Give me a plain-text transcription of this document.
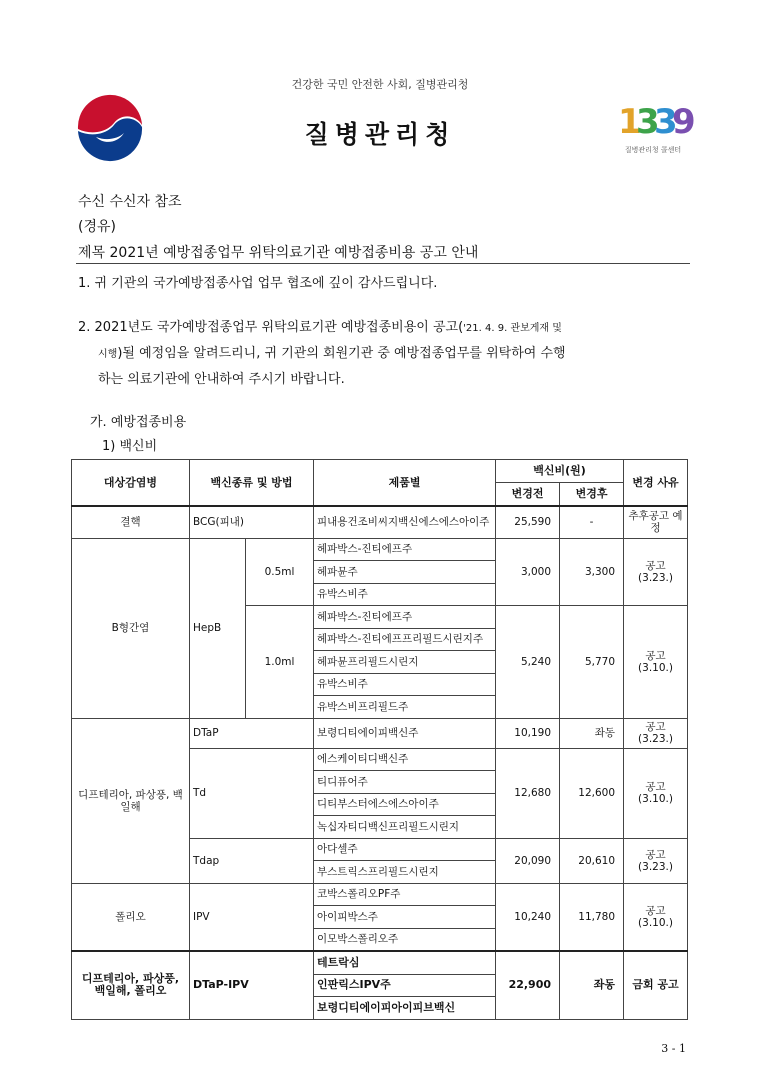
건강한 국민 안전한 사회, 질병관리청
질병관리청	1
3
3
9
질병관리청 콜센터
수신 수신자 참조
(경유)
제목 2021년 예방접종업무 위탁의료기관 예방접종비용 공고 안내
1. 귀 기관의 국가예방접종사업 업무 협조에 깊이 감사드립니다.
2. 2021년도 국가예방접종업무 위탁의료기관 예방접종비용이 공고('21. 4. 9. 관보게재 및

시행)될 예정임을 알려드리니, 귀 기관의 회원기관 중 예방접종업무를 위탁하여 수행
하는 의료기관에 안내하여 주시기 바랍니다.
가. 예방접종비용
1) 백신비
대상감염병	백신종류 및 방법		제품별	백신비(원)		변경 사유
				변경전	변경후	
결핵	BCG(피내)		피내용건조비씨지백신에스에스아이주	25,590	-	추후공고 예정
B형간염	HepB	0.5ml	헤파박스-진티에프주	3,000	3,300	공고 (3.23.)
			헤파뮨주			
			유박스비주			
		1.0ml	헤파박스-진티에프주	5,240	5,770	공고 (3.10.)
			헤파박스-진티에프프리필드시린지주			
			헤파뮨프리필드시린지			
			유박스비주			
			유박스비프리필드주			
디프테리아, 파상풍, 백일해	DTaP		보령디티에이피백신주	10,190	좌동	공고 (3.23.)
	Td		에스케이티디백신주	12,680	12,600	공고 (3.10.)
			티디퓨어주			
			디티부스터에스에스아이주			
			녹십자티디백신프리필드시린지			
	Tdap		아다셀주	20,090	20,610	공고 (3.23.)
			부스트릭스프리필드시린지			
폴리오	IPV		코박스폴리오PF주	10,240	11,780	공고 (3.10.)
			아이피박스주			
			이모박스폴리오주			
디프테리아, 파상풍, 백일해, 폴리오	DTaP-IPV		테트락심	22,900	좌동	금회 공고
			인판릭스IPV주			
			보령디티에이피아이피브백신			
3 - 1
